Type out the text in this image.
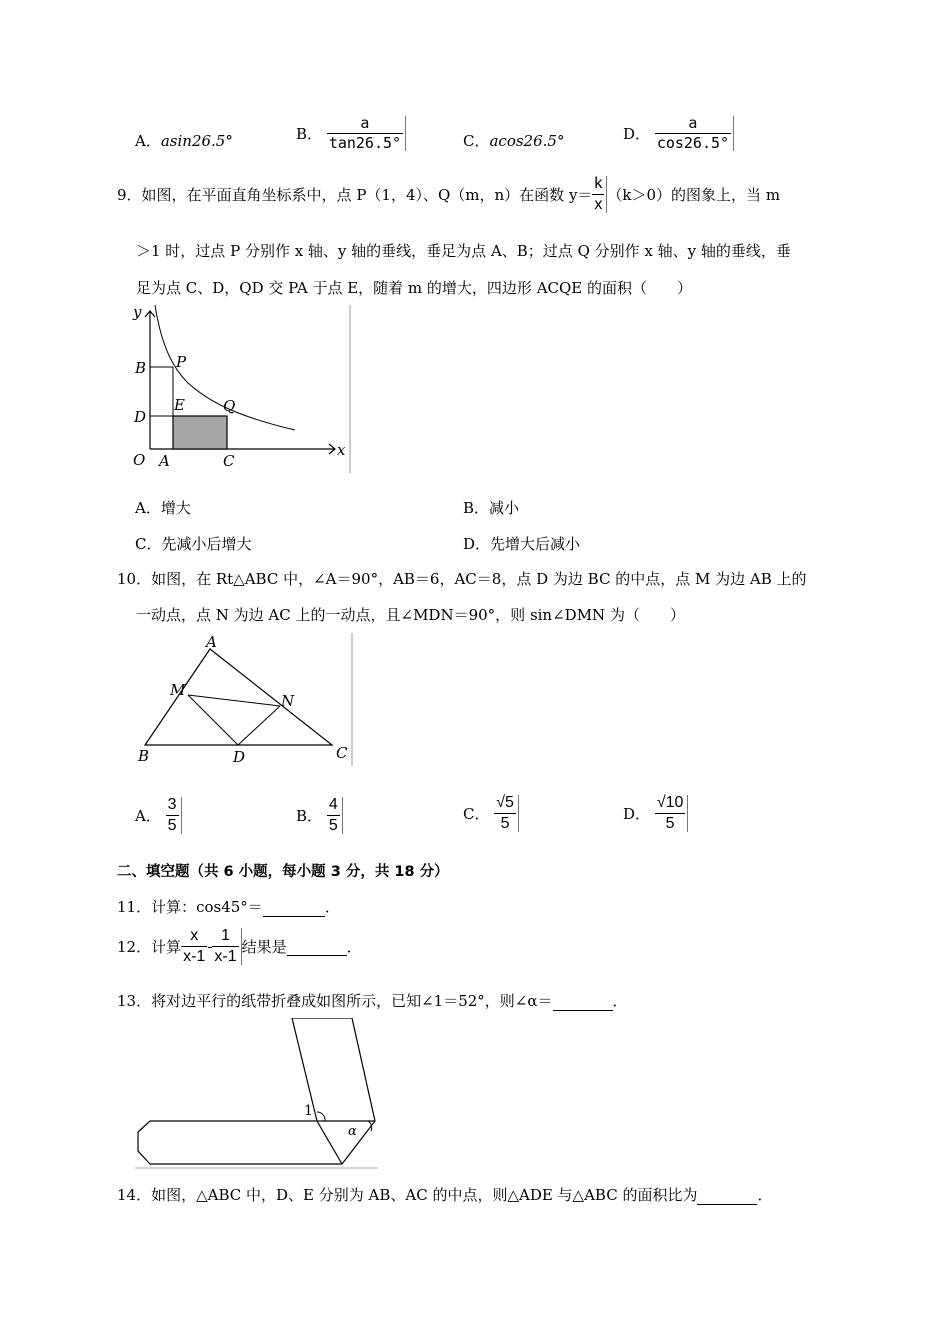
A．asin26.5°	B． $\frac{a}{\tan 26.5^\circ}$	C．acos26.5°	D． $\frac{a}{\cos 26.5^\circ}$
9．如图，在平面直角坐标系中，点 P（1，4）、Q（m，n）在函数 $y= \frac{k}{x} (k>0)$的图象上，当 m
＞1 时，过点 P 分别作 x 轴、y 轴的垂线，垂足为点 A、B；过点 Q 分别作 x 轴、y 轴的垂线，垂
足为点 C、D，QD 交 PA 于点 E，随着 m 的增大，四边形 ACQE 的面积（　　）
y
x
B P
E	Q
D
O A	C
A．增大	B．减小
C．先减小后增大	D．先增大后减小
10．如图，在 Rt△ABC 中，∠A＝90°，AB＝6，AC＝8，点 D 为边 BC 的中点，点 M 为边 AB 上的
一动点，点 N 为边 AC 上的一动点，且∠MDN＝90°，则 sin∠DMN 为（　　）
A
M
N
B	D	C
A． $\frac{3}{5}$	B． $\frac{4}{5}$	C． $\frac{√5}{5}$	D． $\frac{√10}{5}$
二、填空题（共 6 小题，每小题 3 分，共 18 分）
11．计算：cos45°＝	．
12．计算 $\frac{x}{x-1} - \frac{1}{x-1}$ 结果是	．
13．将对边平行的纸带折叠成如图所示，已知∠1＝52°，则∠α＝	．
1
α
14．如图，△ABC 中，D、E 分别为 AB、AC 的中点，则△ADE 与△ABC 的面积比为	．
